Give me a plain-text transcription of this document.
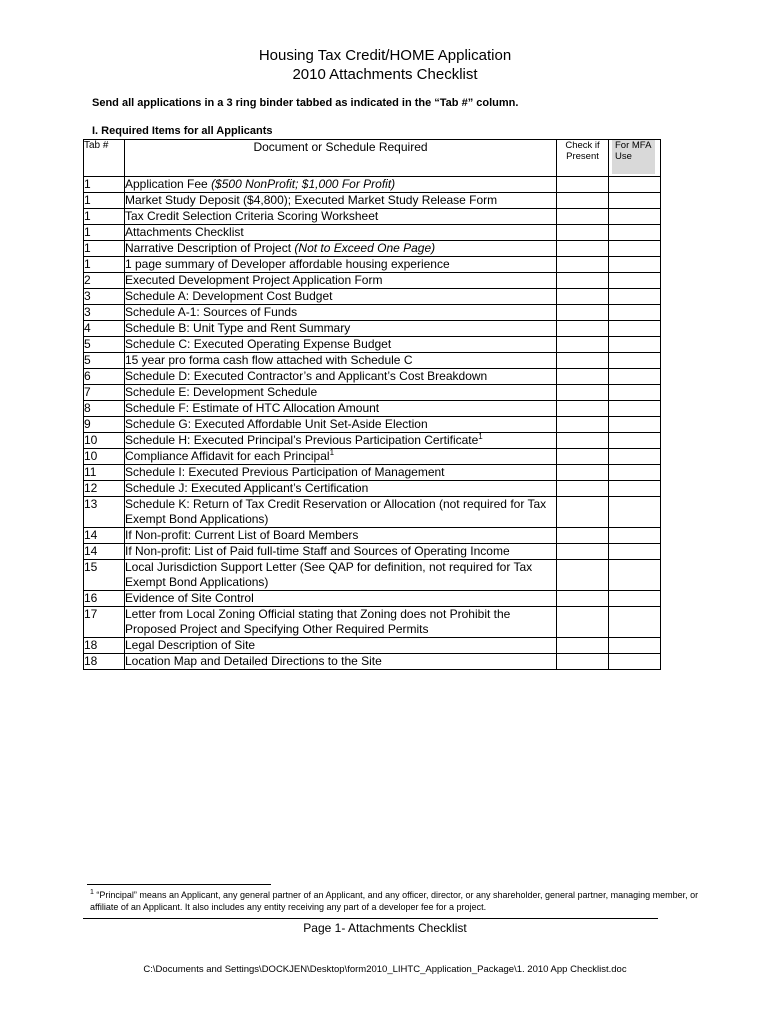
Housing Tax Credit/HOME Application
2010 Attachments Checklist
Send all applications in a 3 ring binder tabbed as indicated in the “Tab #” column.
I. Required Items for all Applicants
Tab #	Document or Schedule Required	Check if Present	For MFA Use

1	Application Fee ($500 NonProfit; $1,000 For Profit)		
1	Market Study Deposit ($4,800); Executed Market Study Release Form		
1	Tax Credit Selection Criteria Scoring Worksheet		
1	Attachments Checklist		
1	Narrative Description of Project (Not to Exceed One Page)		
1	1 page summary of Developer affordable housing experience		
2	Executed Development Project Application Form		
3	Schedule A: Development Cost Budget		
3	Schedule A-1: Sources of Funds		
4	Schedule B: Unit Type and Rent Summary		
5	Schedule C: Executed Operating Expense Budget		
5	15 year pro forma cash flow attached with Schedule C		
6	Schedule D: Executed Contractor’s and Applicant’s Cost Breakdown		
7	Schedule E: Development Schedule		
8	Schedule F: Estimate of HTC Allocation Amount		
9	Schedule G: Executed Affordable Unit Set-Aside Election		
10	Schedule H: Executed Principal’s Previous Participation Certificate$^1$		
10	Compliance Affidavit for each Principal$^1$		
11	Schedule I: Executed Previous Participation of Management		
12	Schedule J: Executed Applicant’s Certification		
13	Schedule K: Return of Tax Credit Reservation or Allocation (not required for Tax Exempt Bond Applications)		
14	If Non-profit: Current List of Board Members		
14	If Non-profit: List of Paid full-time Staff and Sources of Operating Income		
15	Local Jurisdiction Support Letter (See QAP for definition, not required for Tax Exempt Bond Applications)		
16	Evidence of Site Control		
17	Letter from Local Zoning Official stating that Zoning does not Prohibit the Proposed Project and Specifying Other Required Permits		
18	Legal Description of Site		
18	Location Map and Detailed Directions to the Site		
$^1$ “Principal” means an Applicant, any general partner of an Applicant, and any officer, director, or any shareholder, general partner, managing member, or affiliate of an Applicant. It also includes any entity receiving any part of a developer fee for a project.
Page 1- Attachments Checklist
C:\Documents and Settings\DOCKJEN\Desktop\form2010_LIHTC_Application_Package\1. 2010 App Checklist.doc
